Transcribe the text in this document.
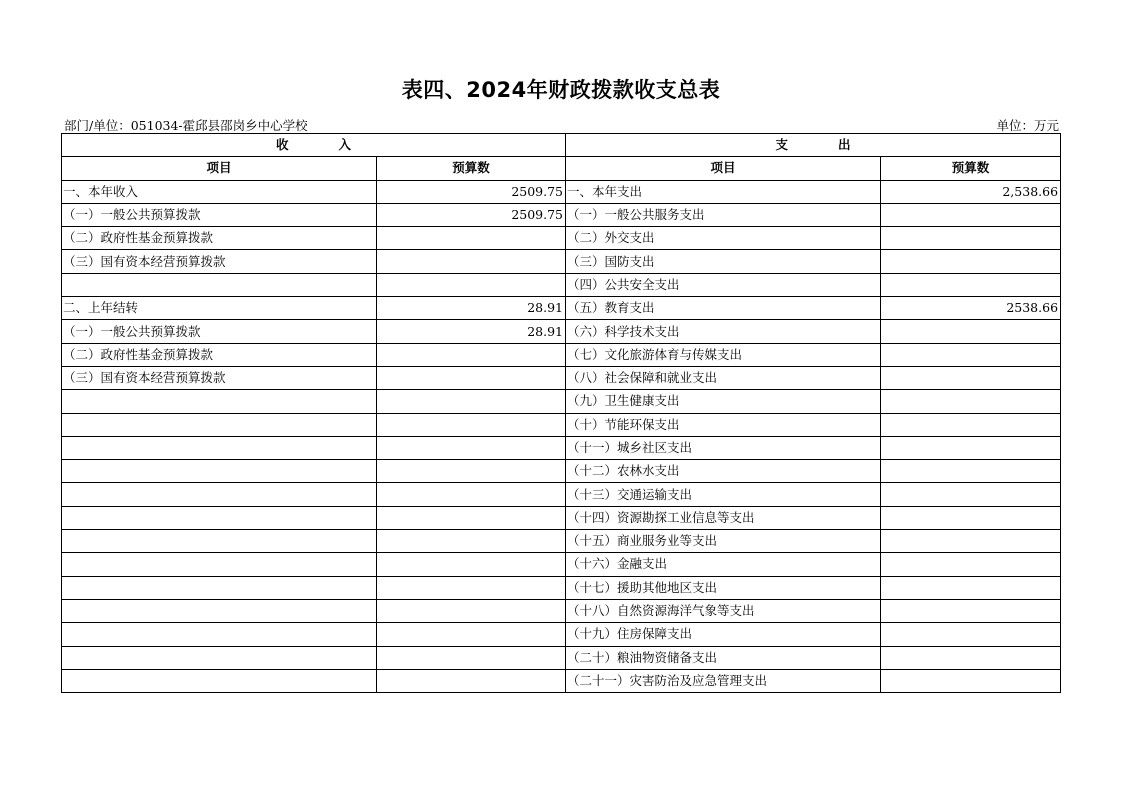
表四、2024年财政拨款收支总表
部门/单位：051034-霍邱县邵岗乡中心学校	单位：万元
收　　　　入		支　　　　出	
项目	预算数	项目	预算数
一、本年收入	2509.75	一、本年支出	2,538.66
（一）一般公共预算拨款	2509.75	（一）一般公共服务支出	
（二）政府性基金预算拨款		（二）外交支出	
（三）国有资本经营预算拨款		（三）国防支出	
		（四）公共安全支出	
二、上年结转	28.91	（五）教育支出	2538.66
（一）一般公共预算拨款	28.91	（六）科学技术支出	
（二）政府性基金预算拨款		（七）文化旅游体育与传媒支出	
（三）国有资本经营预算拨款		（八）社会保障和就业支出	
		（九）卫生健康支出	
		（十）节能环保支出	
		（十一）城乡社区支出	
		（十二）农林水支出	
		（十三）交通运输支出	
		（十四）资源勘探工业信息等支出	
		（十五）商业服务业等支出	
		（十六）金融支出	
		（十七）援助其他地区支出	
		（十八）自然资源海洋气象等支出	
		（十九）住房保障支出	
		（二十）粮油物资储备支出	
		（二十一）灾害防治及应急管理支出	
